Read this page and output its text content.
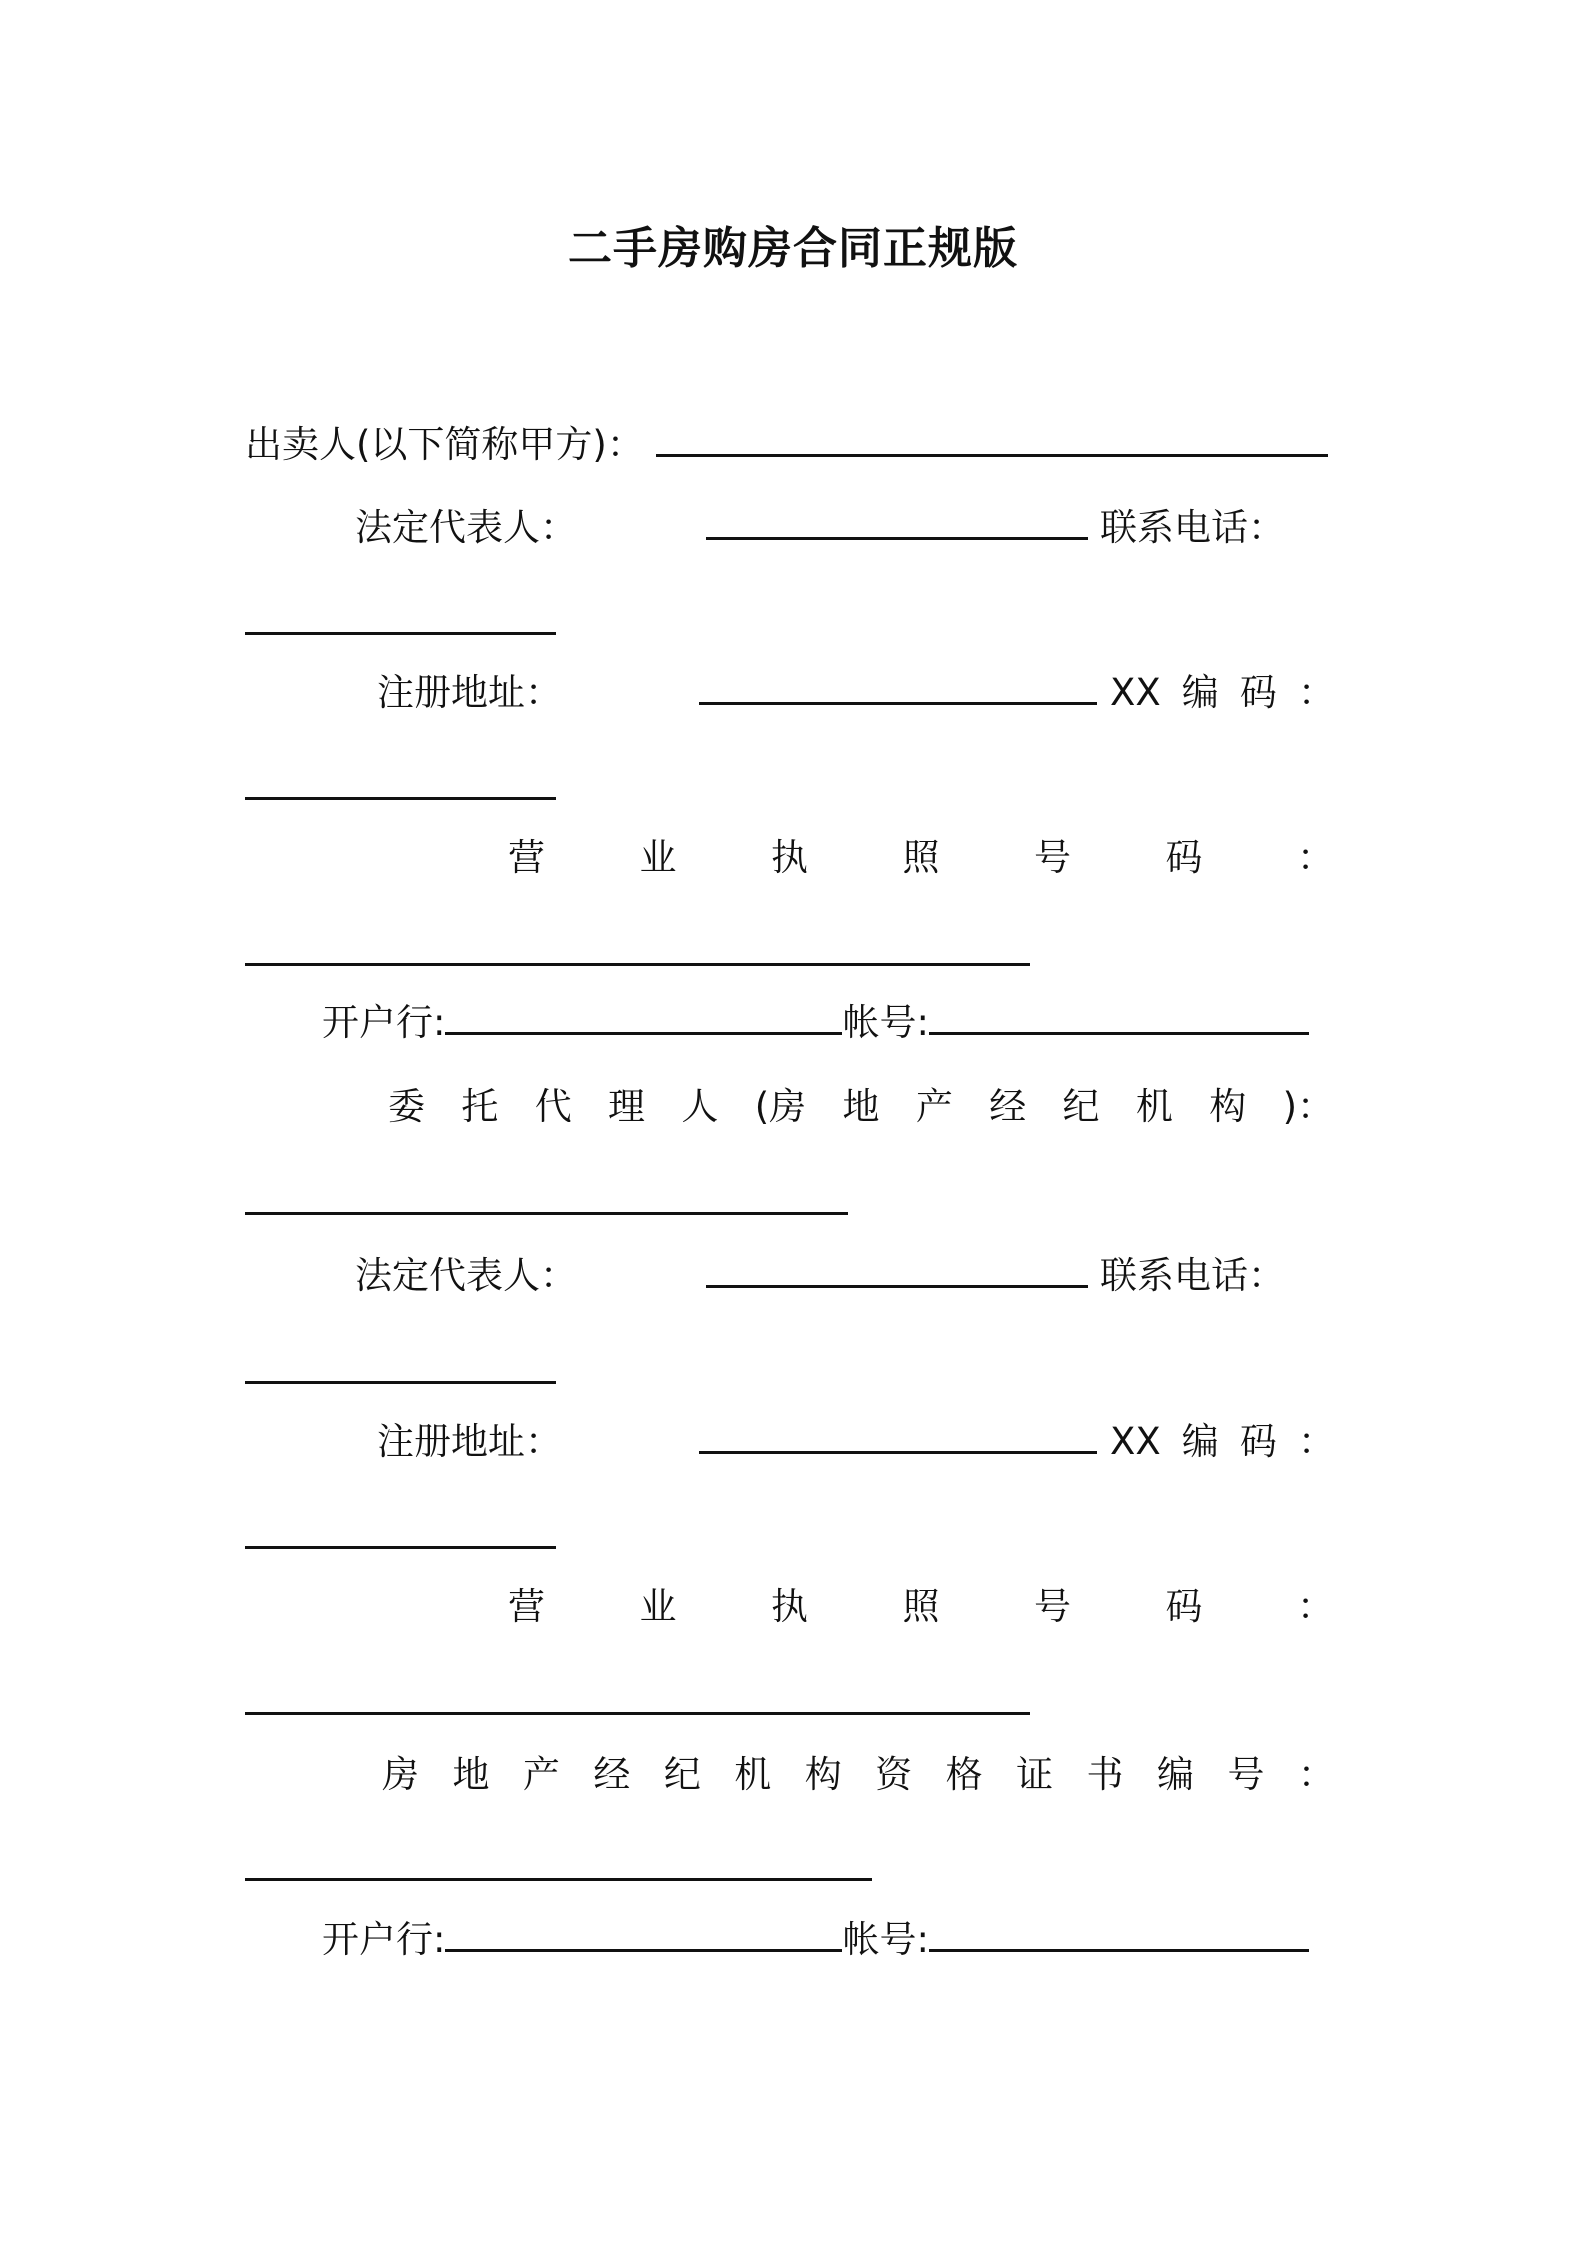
二手房购房合同正规版
出卖人(以下简称甲方)：
法定代表人：	联系电话：
注册地址：	XX 编 码 ：
营	业	执	照	号	码	：
开户行:	帐号:
委 托 代 理 人 (房 地 产 经 纪 机 构 )：
法定代表人：	联系电话：
注册地址：	XX 编 码 ：
营	业	执	照	号	码	：
房 地 产 经 纪 机 构 资 格 证 书 编 号 ：
开户行:	帐号:
